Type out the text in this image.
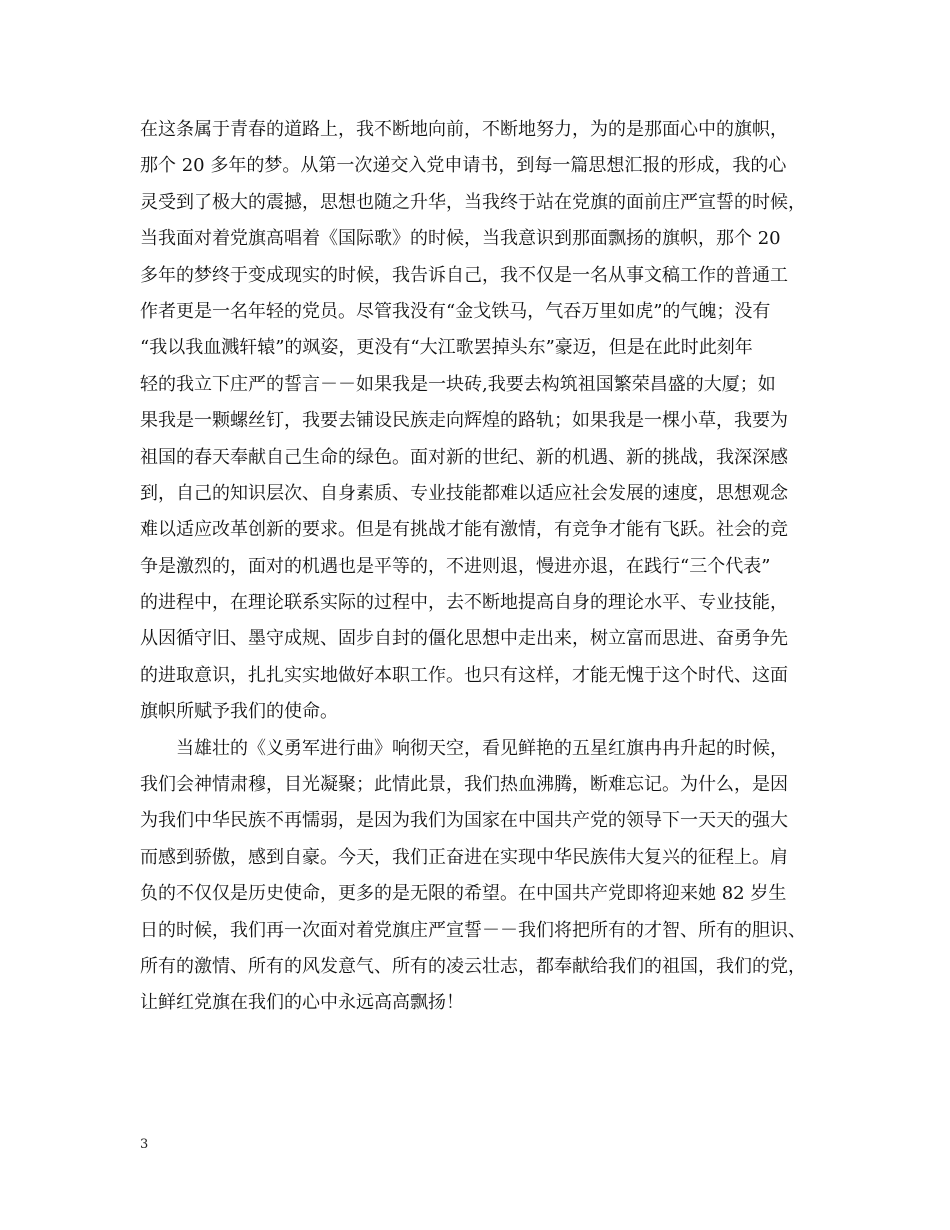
在这条属于青春的道路上，我不断地向前，不断地努力，为的是那面心中的旗帜，
那个 20 多年的梦。从第一次递交入党申请书，到每一篇思想汇报的形成，我的心
灵受到了极大的震撼，思想也随之升华，当我终于站在党旗的面前庄严宣誓的时候，
当我面对着党旗高唱着《国际歌》的时候，当我意识到那面飘扬的旗帜，那个 20
多年的梦终于变成现实的时候，我告诉自己，我不仅是一名从事文稿工作的普通工
作者更是一名年轻的党员。尽管我没有“金戈铁马，气吞万里如虎”的气魄；没有
“我以我血溅轩辕”的飒姿，更没有“大江歌罢掉头东”豪迈，但是在此时此刻年
轻的我立下庄严的誓言－－如果我是一块砖,我要去构筑祖国繁荣昌盛的大厦；如
果我是一颗螺丝钉，我要去铺设民族走向辉煌的路轨；如果我是一棵小草，我要为
祖国的春天奉献自己生命的绿色。面对新的世纪、新的机遇、新的挑战，我深深感
到，自己的知识层次、自身素质、专业技能都难以适应社会发展的速度，思想观念
难以适应改革创新的要求。但是有挑战才能有激情，有竞争才能有飞跃。社会的竞
争是激烈的，面对的机遇也是平等的，不进则退，慢进亦退，在践行“三个代表”
的进程中，在理论联系实际的过程中，去不断地提高自身的理论水平、专业技能，
从因循守旧、墨守成规、固步自封的僵化思想中走出来，树立富而思进、奋勇争先
的进取意识，扎扎实实地做好本职工作。也只有这样，才能无愧于这个时代、这面
旗帜所赋予我们的使命。
当雄壮的《义勇军进行曲》响彻天空，看见鲜艳的五星红旗冉冉升起的时候，
我们会神情肃穆，目光凝聚；此情此景，我们热血沸腾，断难忘记。为什么，是因
为我们中华民族不再懦弱，是因为我们为国家在中国共产党的领导下一天天的强大
而感到骄傲，感到自豪。今天，我们正奋进在实现中华民族伟大复兴的征程上。肩
负的不仅仅是历史使命，更多的是无限的希望。在中国共产党即将迎来她 82 岁生
日的时候，我们再一次面对着党旗庄严宣誓－－我们将把所有的才智、所有的胆识、
所有的激情、所有的风发意气、所有的凌云壮志，都奉献给我们的祖国，我们的党，
让鲜红党旗在我们的心中永远高高飘扬！
3
